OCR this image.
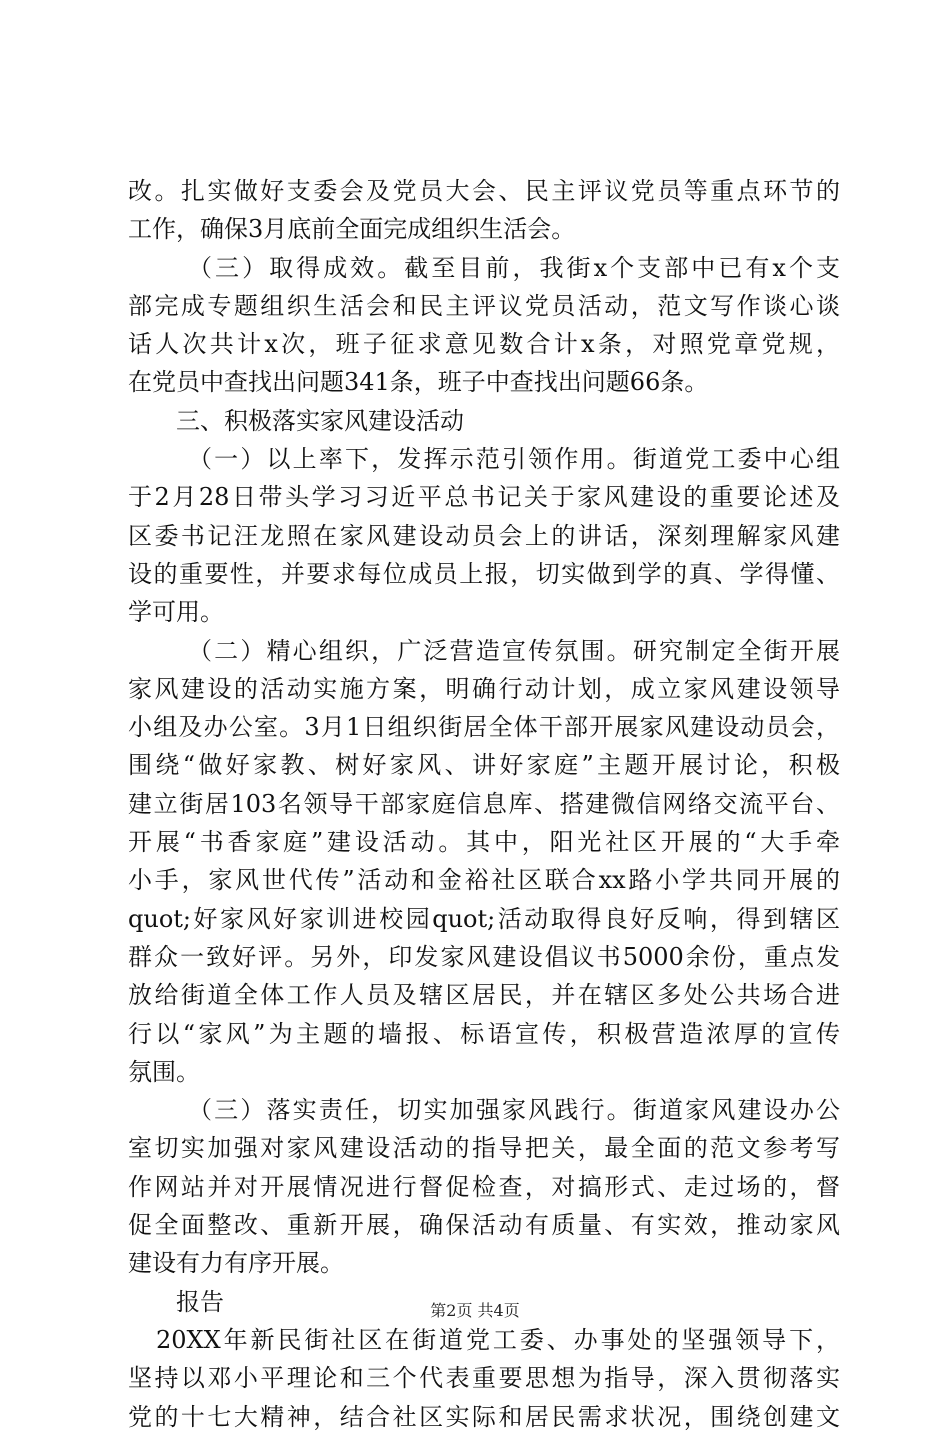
改。扎实做好支委会及党员大会、民主评议党员等重点环节的
工作，确保3月底前全面完成组织生活会。
（三）取得成效。截至目前，我街x个支部中已有x个支
部完成专题组织生活会和民主评议党员活动，范文写作谈心谈
话人次共计x次，班子征求意见数合计x条，对照党章党规，
在党员中查找出问题341条，班子中查找出问题66条。
三、积极落实家风建设活动
（一）以上率下，发挥示范引领作用。街道党工委中心组
于2月28日带头学习习近平总书记关于家风建设的重要论述及
区委书记汪龙照在家风建设动员会上的讲话，深刻理解家风建
设的重要性，并要求每位成员上报，切实做到学的真、学得懂、
学可用。
（二）精心组织，广泛营造宣传氛围。研究制定全街开展
家风建设的活动实施方案，明确行动计划，成立家风建设领导
小组及办公室。3月1日组织街居全体干部开展家风建设动员会，
围绕“做好家教、树好家风、讲好家庭”主题开展讨论，积极
建立街居103名领导干部家庭信息库、搭建微信网络交流平台、
开展“书香家庭”建设活动。其中，阳光社区开展的“大手牵
小手，家风世代传”活动和金裕社区联合xx路小学共同开展的
quot;好家风好家训进校园quot;活动取得良好反响，得到辖区
群众一致好评。另外，印发家风建设倡议书5000余份，重点发
放给街道全体工作人员及辖区居民，并在辖区多处公共场合进
行以“家风”为主题的墙报、标语宣传，积极营造浓厚的宣传
氛围。
（三）落实责任，切实加强家风践行。街道家风建设办公
室切实加强对家风建设活动的指导把关，最全面的范文参考写
作网站并对开展情况进行督促检查，对搞形式、走过场的，督
促全面整改、重新开展，确保活动有质量、有实效，推动家风
建设有力有序开展。
报告
20XX年新民街社区在街道党工委、办事处的坚强领导下，
坚持以邓小平理论和三个代表重要思想为指导，深入贯彻落实
党的十七大精神，结合社区实际和居民需求状况，围绕创建文
第2页 共4页
